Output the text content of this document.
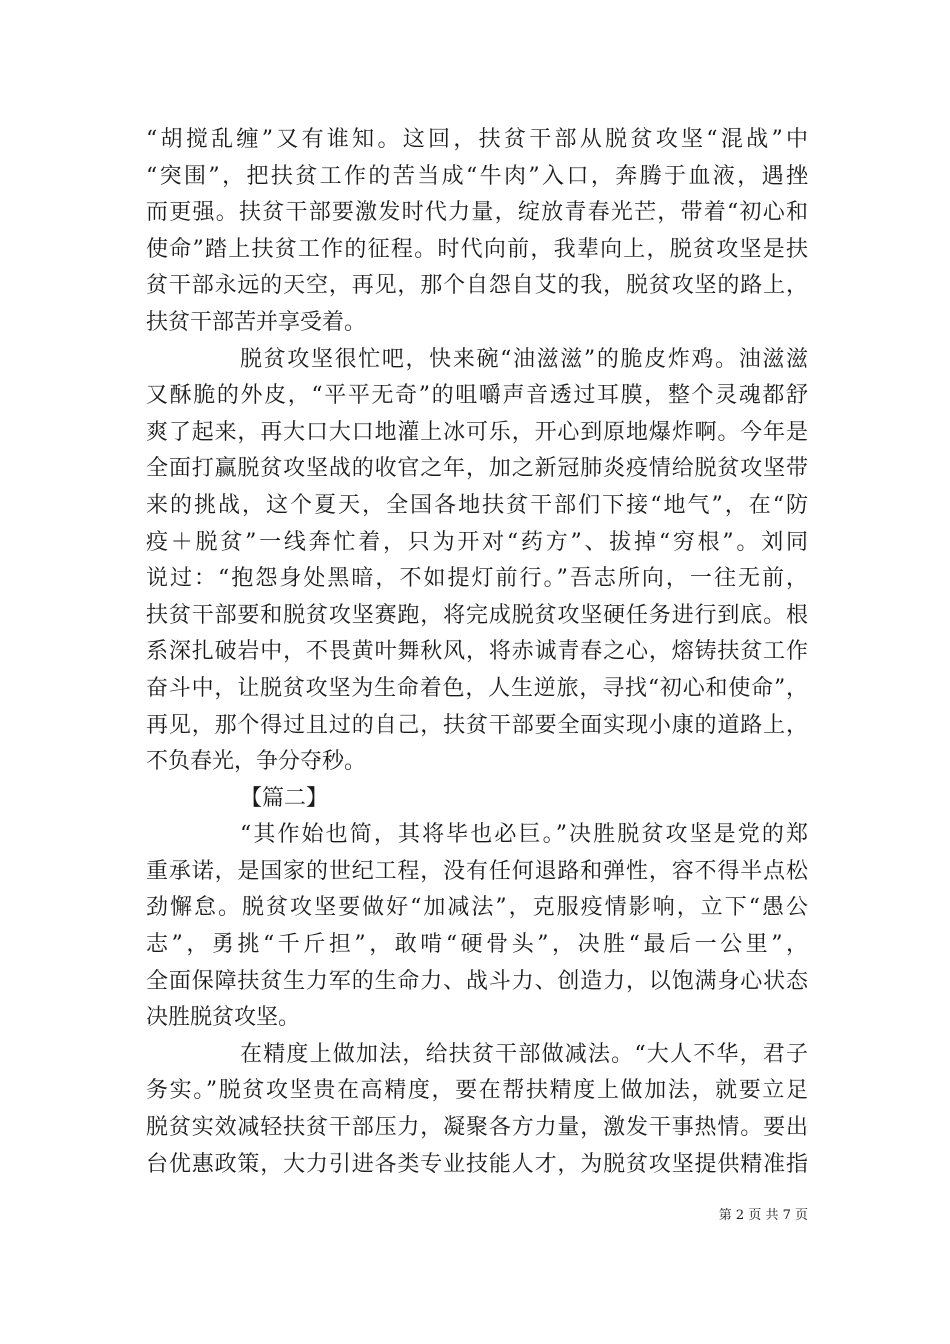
“胡搅乱缠”又有谁知。这回，扶贫干部从脱贫攻坚“混战”中
“突围”，把扶贫工作的苦当成“牛肉”入口，奔腾于血液，遇挫
而更强。扶贫干部要激发时代力量，绽放青春光芒，带着“初心和
使命”踏上扶贫工作的征程。时代向前，我辈向上，脱贫攻坚是扶
贫干部永远的天空，再见，那个自怨自艾的我，脱贫攻坚的路上，
扶贫干部苦并享受着。
脱贫攻坚很忙吧，快来碗“油滋滋”的脆皮炸鸡。油滋滋
又酥脆的外皮，“平平无奇”的咀嚼声音透过耳膜，整个灵魂都舒
爽了起来，再大口大口地灌上冰可乐，开心到原地爆炸啊。今年是
全面打赢脱贫攻坚战的收官之年，加之新冠肺炎疫情给脱贫攻坚带
来的挑战，这个夏天，全国各地扶贫干部们下接“地气”，在“防
疫＋脱贫”一线奔忙着，只为开对“药方”、拔掉“穷根”。刘同
说过：“抱怨身处黑暗，不如提灯前行。”吾志所向，一往无前，
扶贫干部要和脱贫攻坚赛跑，将完成脱贫攻坚硬任务进行到底。根
系深扎破岩中，不畏黄叶舞秋风，将赤诚青春之心，熔铸扶贫工作
奋斗中，让脱贫攻坚为生命着色，人生逆旅，寻找“初心和使命”，
再见，那个得过且过的自己，扶贫干部要全面实现小康的道路上，
不负春光，争分夺秒。
【篇二】
“其作始也简，其将毕也必巨。”决胜脱贫攻坚是党的郑
重承诺，是国家的世纪工程，没有任何退路和弹性，容不得半点松
劲懈怠。脱贫攻坚要做好“加减法”，克服疫情影响，立下“愚公
志”，勇挑“千斤担”，敢啃“硬骨头”，决胜“最后一公里”，
全面保障扶贫生力军的生命力、战斗力、创造力，以饱满身心状态
决胜脱贫攻坚。
在精度上做加法，给扶贫干部做减法。“大人不华，君子
务实。”脱贫攻坚贵在高精度，要在帮扶精度上做加法，就要立足
脱贫实效减轻扶贫干部压力，凝聚各方力量，激发干事热情。要出
台优惠政策，大力引进各类专业技能人才，为脱贫攻坚提供精准指
第 2 页 共 7 页
